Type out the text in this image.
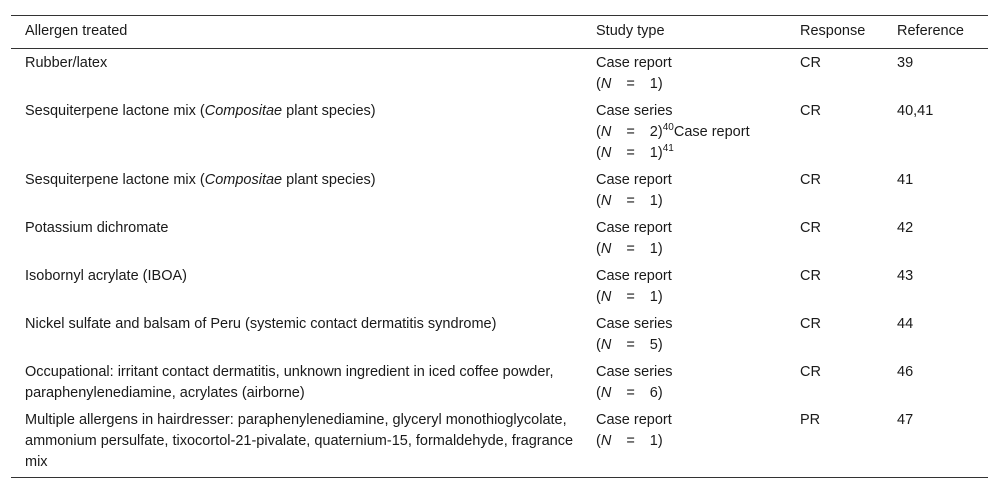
Allergen treated	Study type	Response	Reference
Rubber/latex	Case report
(N = 1)	CR	39
Sesquiterpene lactone mix (Compositae plant species)	Case series
(N = 2)$^{40}$Case report
(N = 1)$^{41}$	CR	40,41
Sesquiterpene lactone mix (Compositae plant species)	Case report
(N = 1)	CR	41
Potassium dichromate	Case report
(N = 1)	CR	42
Isobornyl acrylate (IBOA)	Case report
(N = 1)	CR	43
Nickel sulfate and balsam of Peru (systemic contact dermatitis syndrome)	Case series
(N = 5)	CR	44
Occupational: irritant contact dermatitis, unknown ingredient in iced coffee powder, paraphenylenediamine, acrylates (airborne)	Case series
(N = 6)	CR	46
Multiple allergens in hairdresser: paraphenylenediamine, glyceryl monothioglycolate, ammonium persulfate, tixocortol-21-pivalate, quaternium-15, formaldehyde, fragrance mix	Case report
(N = 1)	PR	47
